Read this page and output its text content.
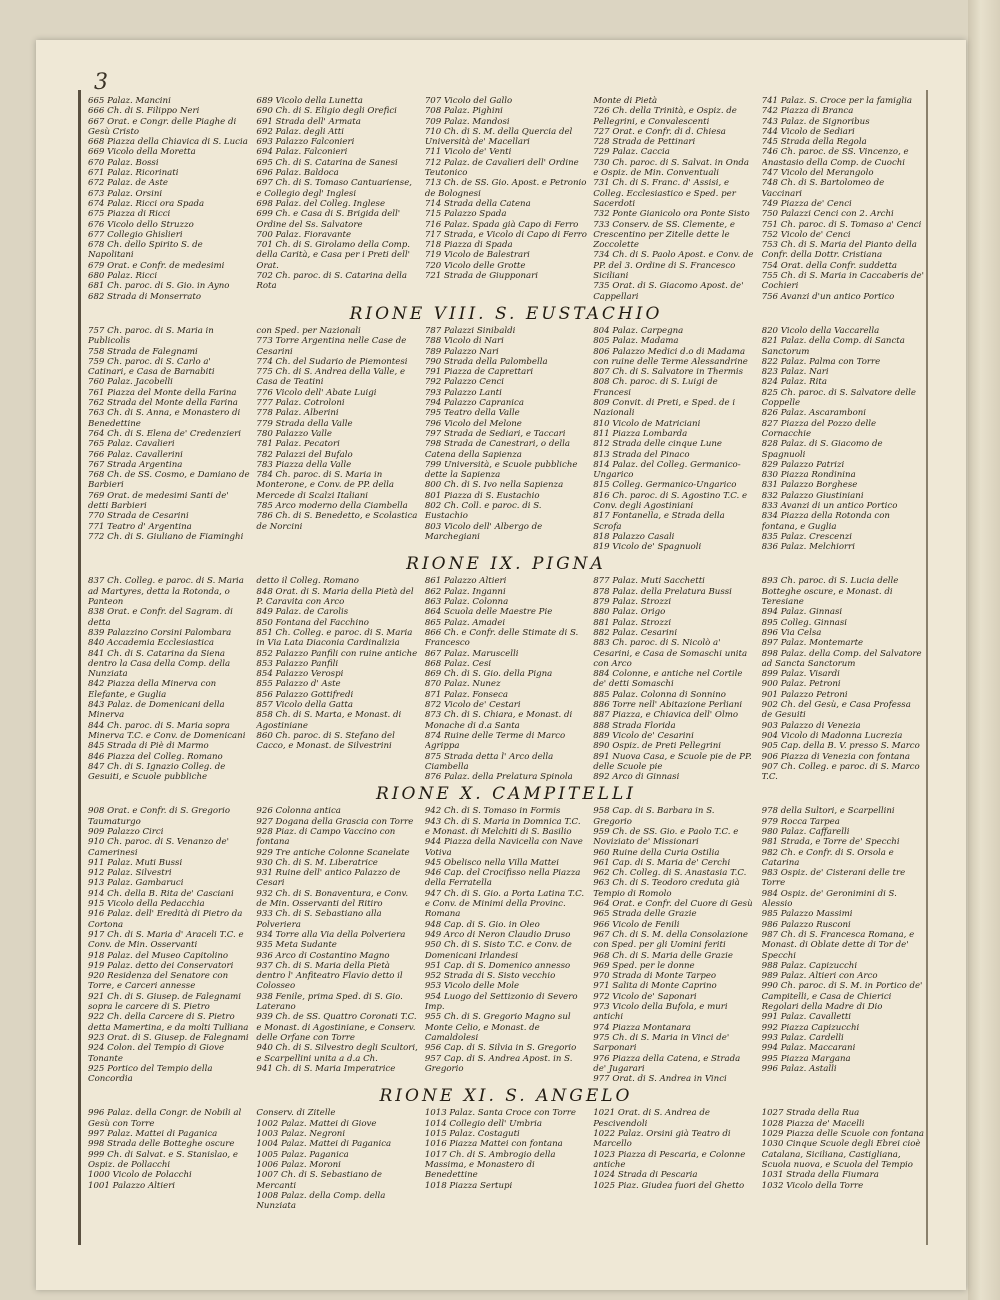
3
665 Palaz. Mancini
666 Ch. di S. Filippo Neri
667 Orat. e Congr. delle Piaghe di Gesù Cristo
668 Piazza della Chiavica di S. Lucia
669 Vicolo della Moretta
670 Palaz. Bossi
671 Palaz. Ricorinati
672 Palaz. de Aste
673 Palaz. Orsini
674 Palaz. Ricci ora Spada
675 Piazza di Ricci
676 Vicolo dello Struzzo
677 Collegio Ghislieri
678 Ch. dello Spirito S. de Napolitani
679 Orat. e Confr. de medesimi
680 Palaz. Ricci
681 Ch. paroc. di S. Gio. in Ayno
682 Strada di Monserrato
689 Vicolo della Lunetta
690 Ch. di S. Eligio degli Orefici
691 Strada dell' Armata
692 Palaz. degli Atti
693 Palazzo Falconieri
694 Palaz. Falconieri
695 Ch. di S. Catarina de Sanesi
696 Palaz. Baldoca
697 Ch. di S. Tomaso Cantuariense, e Collegio degl' Inglesi
698 Palaz. del Colleg. Inglese
699 Ch. e Casa di S. Brigida dell' Ordine del Ss. Salvatore
700 Palaz. Fioravante
701 Ch. di S. Girolamo della Comp. della Carità, e Casa per i Preti dell' Orat.
702 Ch. paroc. di S. Catarina della Rota
707 Vicolo del Gallo
708 Palaz. Pighini
709 Palaz. Mandosi
710 Ch. di S. M. della Quercia del Università de' Macellari
711 Vicolo de' Venti
712 Palaz. de Cavalieri dell' Ordine Teutonico
713 Ch. de SS. Gio. Apost. e Petronio de Bolognesi
714 Strada della Catena
715 Palazzo Spada
716 Palaz. Spada già Capo di Ferro
717 Strada, e Vicolo di Capo di Ferro
718 Piazza di Spada
719 Vicolo de Balestrari
720 Vicolo delle Grotte
721 Strada de Giupponari
Monte di Pietà
726 Ch. della Trinità, e Ospiz. de Pellegrini, e Convalescenti
727 Orat. e Confr. di d. Chiesa
728 Strada de Pettinari
729 Palaz. Caccia
730 Ch. paroc. di S. Salvat. in Onda e Ospiz. de Min. Conventuali
731 Ch. di S. Franc. d' Assisi, e Colleg. Ecclesiastico e Sped. per Sacerdoti
732 Ponte Gianicolo ora Ponte Sisto
733 Conserv. de SS. Clemente, e Crescentino per Zitelle dette le Zoccolette
734 Ch. di S. Paolo Apost. e Conv. de PP. del 3. Ordine di S. Francesco Siciliani
735 Orat. di S. Giacomo Apost. de' Cappellari
741 Palaz. S. Croce per la famiglia
742 Piazza di Branca
743 Palaz. de Signoribus
744 Vicolo de Sediari
745 Strada della Regola
746 Ch. paroc. de SS. Vincenzo, e Anastasio della Comp. de Cuochi
747 Vicolo del Merangolo
748 Ch. di S. Bartolomeo de Vaccinari
749 Piazza de' Cenci
750 Palazzi Cenci con 2. Archi
751 Ch. paroc. di S. Tomaso a' Cenci
752 Vicolo de' Cenci
753 Ch. di S. Maria del Pianto della Confr. della Dottr. Cristiana
754 Orat. della Confr. suddetta
755 Ch. di S. Maria in Caccaberis de' Cochieri
756 Avanzi d'un antico Portico
RIONE VIII. S. EUSTACHIO
757 Ch. paroc. di S. Maria in Publicolis
758 Strada de Falegnami
759 Ch. paroc. di S. Carlo a' Catinari, e Casa de Barnabiti
760 Palaz. Jacobelli
761 Piazza del Monte della Farina
762 Strada del Monte della Farina
763 Ch. di S. Anna, e Monastero di Benedettine
764 Ch. di S. Elena de' Credenzieri
765 Palaz. Cavalieri
766 Palaz. Cavallerini
767 Strada Argentina
768 Ch. de SS. Cosmo, e Damiano de Barbieri
769 Orat. de medesimi Santi de' detti Barbieri
770 Strada de Cesarini
771 Teatro d' Argentina
772 Ch. di S. Giuliano de Fiaminghi
con Sped. per Nazionali
773 Torre Argentina nelle Case de Cesarini
774 Ch. del Sudario de Piemontesi
775 Ch. di S. Andrea della Valle, e Casa de Teatini
776 Vicolo dell' Abate Luigi
777 Palaz. Cotroloni
778 Palaz. Alberini
779 Strada della Valle
780 Palazzo Valle
781 Palaz. Pecatori
782 Palazzi del Bufalo
783 Piazza della Valle
784 Ch. paroc. di S. Maria in Monterone, e Conv. de PP. della Mercede di Scalzi Italiani
785 Arco moderno della Ciambella
786 Ch. di S. Benedetto, e Scolastica de Norcini
787 Palazzi Sinibaldi
788 Vicolo di Nari
789 Palazzo Nari
790 Strada della Palombella
791 Piazza de Caprettari
792 Palazzo Cenci
793 Palazzo Lanti
794 Palazzo Capranica
795 Teatro della Valle
796 Vicolo del Melone
797 Strada de Sediari, e Taccari
798 Strada de Canestrari, o della Catena della Sapienza
799 Università, e Scuole pubbliche dette la Sapienza
800 Ch. di S. Ivo nella Sapienza
801 Piazza di S. Eustachio
802 Ch. Coll. e paroc. di S. Eustachio
803 Vicolo dell' Albergo de Marchegiani
804 Palaz. Carpegna
805 Palaz. Madama
806 Palazzo Medici d.o di Madama con ruine delle Terme Alessandrine
807 Ch. di S. Salvatore in Thermis
808 Ch. paroc. di S. Luigi de Francesi
809 Convit. di Preti, e Sped. de i Nazionali
810 Vicolo de Matriciani
811 Piazza Lombarda
812 Strada delle cinque Lune
813 Strada del Pinaco
814 Palaz. del Colleg. Germanico-Ungarico
815 Colleg. Germanico-Ungarico
816 Ch. paroc. di S. Agostino T.C. e Conv. degli Agostiniani
817 Fontanella, e Strada della Scrofa
818 Palazzo Casali
819 Vicolo de' Spagnuoli
820 Vicolo della Vaccarella
821 Palaz. della Comp. di Sancta Sanctorum
822 Palaz. Palma con Torre
823 Palaz. Nari
824 Palaz. Rita
825 Ch. paroc. di S. Salvatore delle Coppelle
826 Palaz. Ascaramboni
827 Piazza del Pozzo delle Cornacchie
828 Palaz. di S. Giacomo de Spagnuoli
829 Palazzo Patrizi
830 Piazza Rondinina
831 Palazzo Borghese
832 Palazzo Giustiniani
833 Avanzi di un antico Portico
834 Piazza della Rotonda con fontana, e Guglia
835 Palaz. Crescenzi
836 Palaz. Melchiorri
RIONE IX. PIGNA
837 Ch. Colleg. e paroc. di S. Maria ad Martyres, detta la Rotonda, o Panteon
838 Orat. e Confr. del Sagram. di detta
839 Palazzino Corsini Palombara
840 Accademia Ecclesiastica
841 Ch. di S. Catarina da Siena dentro la Casa della Comp. della Nunziata
842 Piazza della Minerva con Elefante, e Guglia
843 Palaz. de Domenicani della Minerva
844 Ch. paroc. di S. Maria sopra Minerva T.C. e Conv. de Domenicani
845 Strada di Piè di Marmo
846 Piazza del Colleg. Romano
847 Ch. di S. Ignazio Colleg. de Gesuiti, e Scuole pubbliche
detto il Colleg. Romano
848 Orat. di S. Maria della Pietà del P. Caravita con Arco
849 Palaz. de Carolis
850 Fontana del Facchino
851 Ch. Colleg. e paroc. di S. Maria in Via Lata Diaconia Cardinalizia
852 Palazzo Panfili con ruine antiche
853 Palazzo Panfili
854 Palazzo Verospi
855 Palazzo d' Aste
856 Palazzo Gottifredi
857 Vicolo della Gatta
858 Ch. di S. Marta, e Monast. di Agostiniane
860 Ch. paroc. di S. Stefano del Cacco, e Monast. de Silvestrini
861 Palazzo Altieri
862 Palaz. Inganni
863 Palaz. Colonna
864 Scuola delle Maestre Pie
865 Palaz. Amadei
866 Ch. e Confr. delle Stimate di S. Francesco
867 Palaz. Maruscelli
868 Palaz. Cesi
869 Ch. di S. Gio. della Pigna
870 Palaz. Nunez
871 Palaz. Fonseca
872 Vicolo de' Cestari
873 Ch. di S. Chiara, e Monast. di Monache di d.a Santa
874 Ruine delle Terme di Marco Agrippa
875 Strada detta l' Arco della Ciambella
876 Palaz. della Prelatura Spinola
877 Palaz. Muti Sacchetti
878 Palaz. della Prelatura Bussi
879 Palaz. Strozzi
880 Palaz. Origo
881 Palaz. Strozzi
882 Palaz. Cesarini
883 Ch. paroc. di S. Nicolò a' Cesarini, e Casa de Somaschi unita con Arco
884 Colonne, e antiche nel Cortile de' detti Somaschi
885 Palaz. Colonna di Sonnino
886 Torre nell' Abitazione Perliani
887 Piazza, e Chiavica dell' Olmo
888 Strada Florida
889 Vicolo de' Cesarini
890 Ospiz. de Preti Pellegrini
891 Nuova Casa, e Scuole pie de PP. delle Scuole pie
892 Arco di Ginnasi
893 Ch. paroc. di S. Lucia delle Botteghe oscure, e Monast. di Teresiane
894 Palaz. Ginnasi
895 Colleg. Ginnasi
896 Via Celsa
897 Palaz. Montemarte
898 Palaz. della Comp. del Salvatore ad Sancta Sanctorum
899 Palaz. Visardi
900 Palaz. Petroni
901 Palazzo Petroni
902 Ch. del Gesù, e Casa Professa de Gesuiti
903 Palazzo di Venezia
904 Vicolo di Madonna Lucrezia
905 Cap. della B. V. presso S. Marco
906 Piazza di Venezia con fontana
907 Ch. Colleg. e paroc. di S. Marco T.C.
RIONE X. CAMPITELLI
908 Orat. e Confr. di S. Gregorio Taumaturgo
909 Palazzo Circi
910 Ch. paroc. di S. Venanzo de' Camerinesi
911 Palaz. Muti Bussi
912 Palaz. Silvestri
913 Palaz. Gambaruci
914 Ch. della B. Rita de' Casciani
915 Vicolo della Pedacchia
916 Palaz. dell' Eredità di Pietro da Cortona
917 Ch. di S. Maria d' Araceli T.C. e Conv. de Min. Osservanti
918 Palaz. del Museo Capitolino
919 Palaz. detto dei Conservatori
920 Residenza del Senatore con Torre, e Carceri annesse
921 Ch. di S. Giusep. de Falegnami sopra le carcere di S. Pietro
922 Ch. della Carcere di S. Pietro detta Mamertina, e da molti Tulliana
923 Orat. di S. Giusep. de Falegnami
924 Colon. del Tempio di Giove Tonante
925 Portico del Tempio della Concordia
926 Colonna antica
927 Dogana della Grascia con Torre
928 Piaz. di Campo Vaccino con fontana
929 Tre antiche Colonne Scanelate
930 Ch. di S. M. Liberatrice
931 Ruine dell' antico Palazzo de Cesari
932 Ch. di S. Bonaventura, e Conv. de Min. Osservanti del Ritiro
933 Ch. di S. Sebastiano alla Polveriera
934 Torre alla Via della Polveriera
935 Meta Sudante
936 Arco di Costantino Magno
937 Ch. di S. Maria della Pietà dentro l' Anfiteatro Flavio detto il Colosseo
938 Fenile, prima Sped. di S. Gio. Laterano
939 Ch. de SS. Quattro Coronati T.C. e Monast. di Agostiniane, e Conserv. delle Orfane con Torre
940 Ch. di S. Silvestro degli Scultori, e Scarpellini unita a d.a Ch.
941 Ch. di S. Maria Imperatrice
942 Ch. di S. Tomaso in Formis
943 Ch. di S. Maria in Domnica T.C. e Monast. di Melchiti di S. Basilio
944 Piazza della Navicella con Nave Votiva
945 Obelisco nella Villa Mattei
946 Cap. del Crocifisso nella Piazza della Ferratella
947 Ch. di S. Gio. a Porta Latina T.C. e Conv. de Minimi della Provinc. Romana
948 Cap. di S. Gio. in Oleo
949 Arco di Neron Claudio Druso
950 Ch. di S. Sisto T.C. e Conv. de Domenicani Irlandesi
951 Cap. di S. Domenico annesso
952 Strada di S. Sisto vecchio
953 Vicolo delle Mole
954 Luogo del Settizonio di Severo Imp.
955 Ch. di S. Gregorio Magno sul Monte Celio, e Monast. de Camaldolesi
956 Cap. di S. Silvia in S. Gregorio
957 Cap. di S. Andrea Apost. in S. Gregorio
958 Cap. di S. Barbara in S. Gregorio
959 Ch. de SS. Gio. e Paolo T.C. e Noviziato de' Missionari
960 Ruine della Curia Ostilia
961 Cap. di S. Maria de' Cerchi
962 Ch. Colleg. di S. Anastasia T.C.
963 Ch. di S. Teodoro creduta già Tempio di Romolo
964 Orat. e Confr. del Cuore di Gesù
965 Strada delle Grazie
966 Vicolo de Fenili
967 Ch. di S. M. della Consolazione con Sped. per gli Uomini feriti
968 Ch. di S. Maria delle Grazie
969 Sped. per le donne
970 Strada di Monte Tarpeo
971 Salita di Monte Caprino
972 Vicolo de' Saponari
973 Vicolo della Bufola, e muri antichi
974 Piazza Montanara
975 Ch. di S. Maria in Vinci de' Sarponari
976 Piazza della Catena, e Strada de' Jugarari
977 Orat. di S. Andrea in Vinci
978 della Sultori, e Scarpellini
979 Rocca Tarpea
980 Palaz. Caffarelli
981 Strada, e Torre de' Specchi
982 Ch. e Confr. di S. Orsola e Catarina
983 Ospiz. de' Cisterani delle tre Torre
984 Ospiz. de' Geronimini di S. Alessio
985 Palazzo Massimi
986 Palazzo Rusconi
987 Ch. di S. Francesca Romana, e Monast. di Oblate dette di Tor de' Specchi
988 Palaz. Capizucchi
989 Palaz. Altieri con Arco
990 Ch. paroc. di S. M. in Portico de' Campitelli, e Casa de Chierici Regolari della Madre di Dio
991 Palaz. Cavalletti
992 Piazza Capizucchi
993 Palaz. Cardelli
994 Palaz. Maccarani
995 Piazza Margana
996 Palaz. Astalli
RIONE XI. S. ANGELO
996 Palaz. della Congr. de Nobili al Gesù con Torre
997 Palaz. Mattei di Paganica
998 Strada delle Botteghe oscure
999 Ch. di Salvat. e S. Stanislao, e Ospiz. de Pollacchi
1000 Vicolo de Polacchi
1001 Palazzo Altieri
Conserv. di Zitelle
1002 Palaz. Mattei di Giove
1003 Palaz. Negroni
1004 Palaz. Mattei di Paganica
1005 Palaz. Paganica
1006 Palaz. Moroni
1007 Ch. di S. Sebastiano de Mercanti
1008 Palaz. della Comp. della Nunziata
1013 Palaz. Santa Croce con Torre
1014 Collegio dell' Umbria
1015 Palaz. Costaguti
1016 Piazza Mattei con fontana
1017 Ch. di S. Ambrogio della Massima, e Monastero di Benedettine
1018 Piazza Sertupi
1021 Orat. di S. Andrea de Pescivendoli
1022 Palaz. Orsini già Teatro di Marcello
1023 Piazza di Pescaria, e Colonne antiche
1024 Strada di Pescaria
1025 Piaz. Giudea fuori del Ghetto
1027 Strada della Rua
1028 Piazza de' Macelli
1029 Piazza delle Scuole con fontana
1030 Cinque Scuole degli Ebrei cioè Catalana, Siciliana, Castigliana, Scuola nuova, e Scuola del Tempio
1031 Strada della Fiumara
1032 Vicolo della Torre
